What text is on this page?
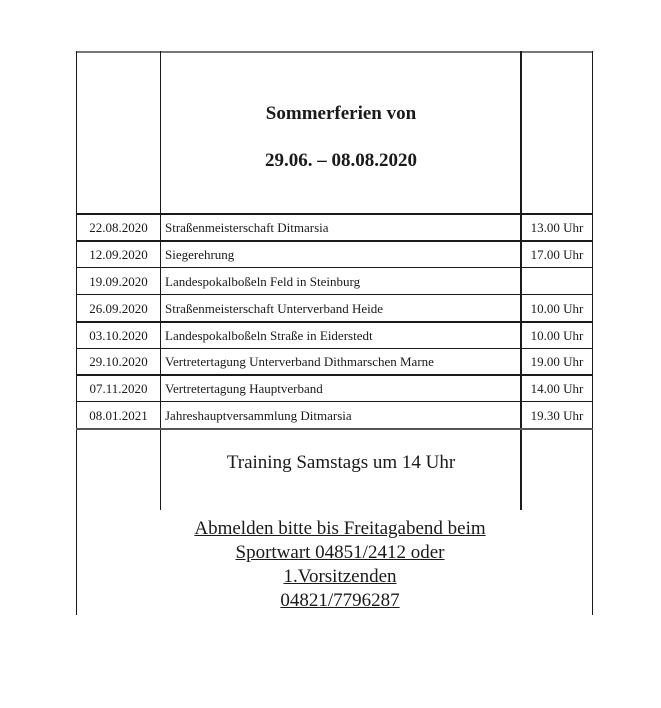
Sommerferien von
29.06. – 08.08.2020
22.08.2020	Straßenmeisterschaft Ditmarsia	13.00 Uhr
12.09.2020	Siegerehrung	17.00 Uhr
19.09.2020	Landespokalboßeln Feld in Steinburg
26.09.2020	Straßenmeisterschaft Unterverband Heide	10.00 Uhr
03.10.2020	Landespokalboßeln Straße in Eiderstedt	10.00 Uhr
29.10.2020	Vertretertagung Unterverband Dithmarschen Marne	19.00 Uhr
07.11.2020	Vertretertagung Hauptverband	14.00 Uhr
08.01.2021	Jahreshauptversammlung Ditmarsia	19.30 Uhr
Training Samstags um 14 Uhr
Abmelden bitte bis Freitagabend beim
Sportwart 04851/2412 oder
1.Vorsitzenden
04821/7796287
